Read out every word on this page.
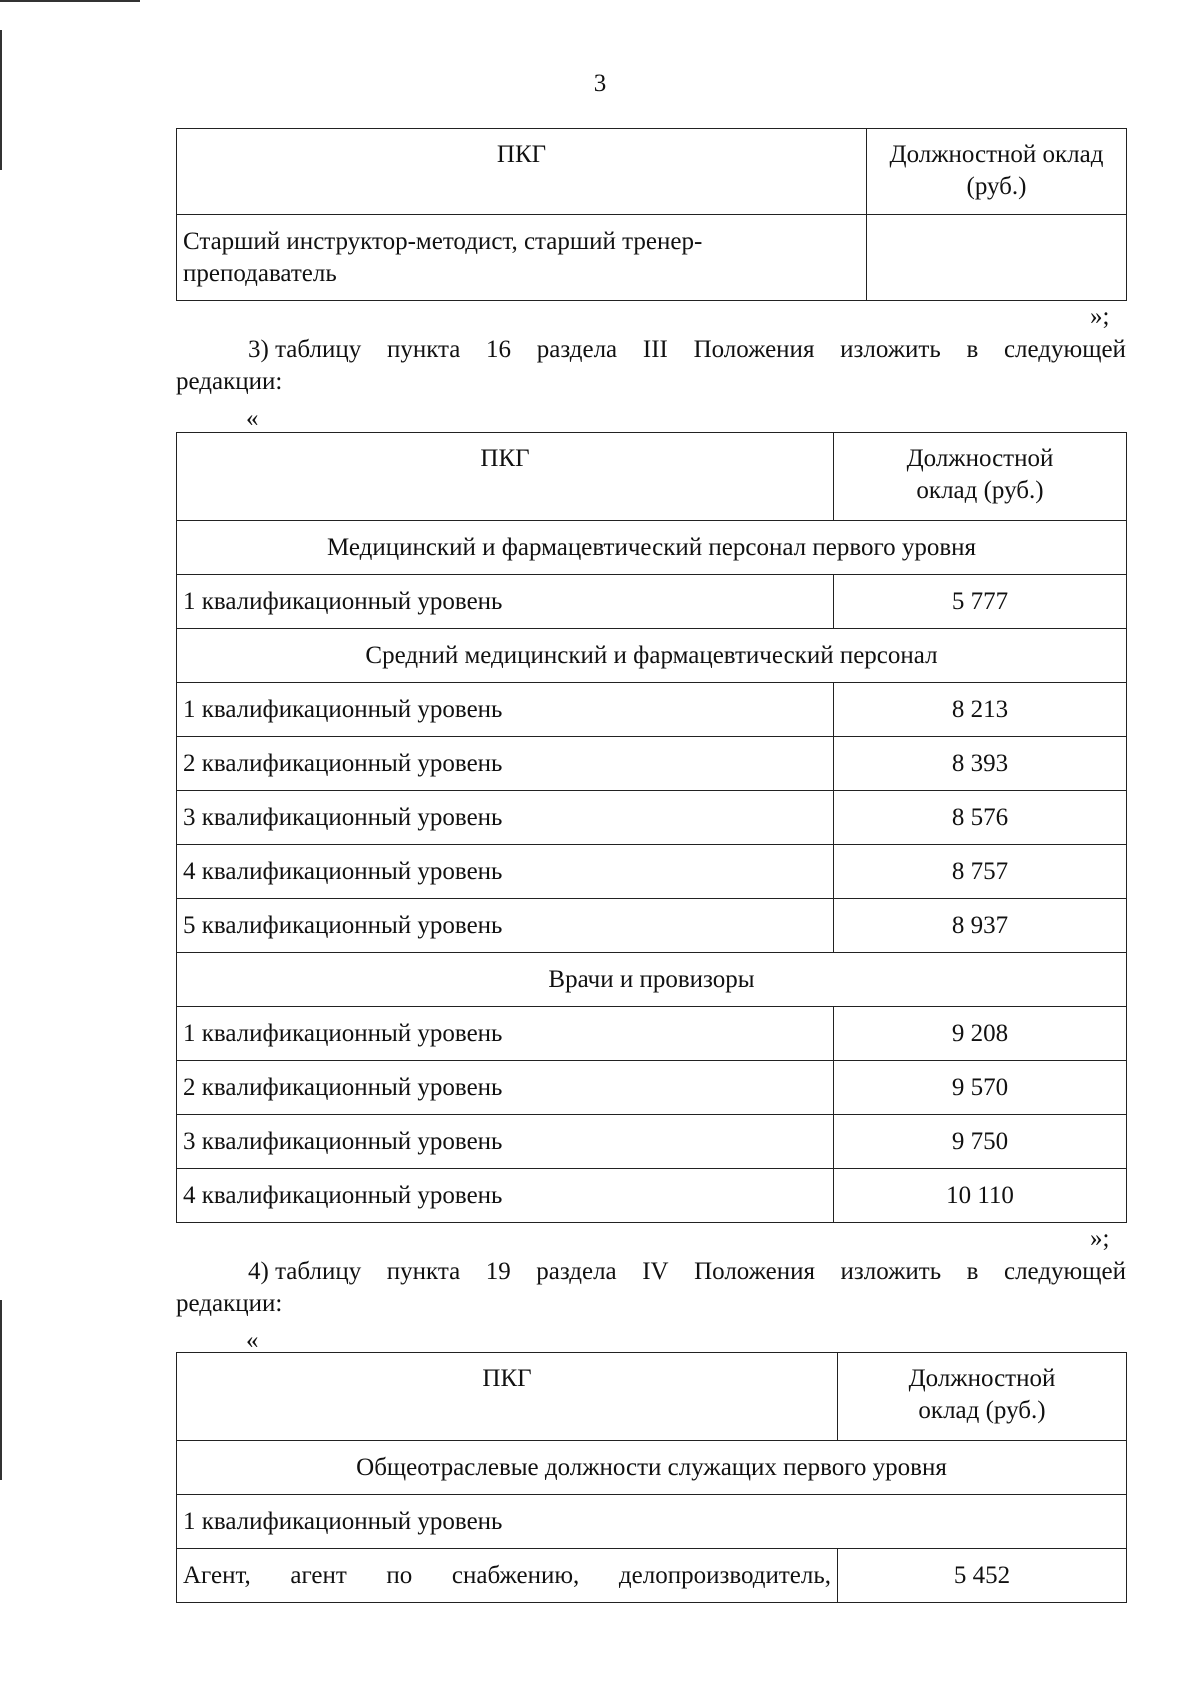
3
ПКГ	Должностной оклад
(руб.)

Старший инструктор-методист, старший тренер-
преподаватель	

»;
3) таблицу пункта 16 раздела III Положения изложить в следующей
редакции:
«
ПКГ	Должностной
оклад (руб.)

Медицинский и фармацевтический персонал первого уровня	
1 квалификационный уровень	5 777
Средний медицинский и фармацевтический персонал	
1 квалификационный уровень	8 213
2 квалификационный уровень	8 393
3 квалификационный уровень	8 576
4 квалификационный уровень	8 757
5 квалификационный уровень	8 937
Врачи и провизоры	
1 квалификационный уровень	9 208
2 квалификационный уровень	9 570
3 квалификационный уровень	9 750
4 квалификационный уровень	10 110
»;
4) таблицу пункта 19 раздела IV Положения изложить в следующей
редакции:
«
ПКГ	Должностной
оклад (руб.)

Общеотраслевые должности служащих первого уровня	
1 квалификационный уровень	

Агент, агент по снабжению, делопроизводитель,	5 452
